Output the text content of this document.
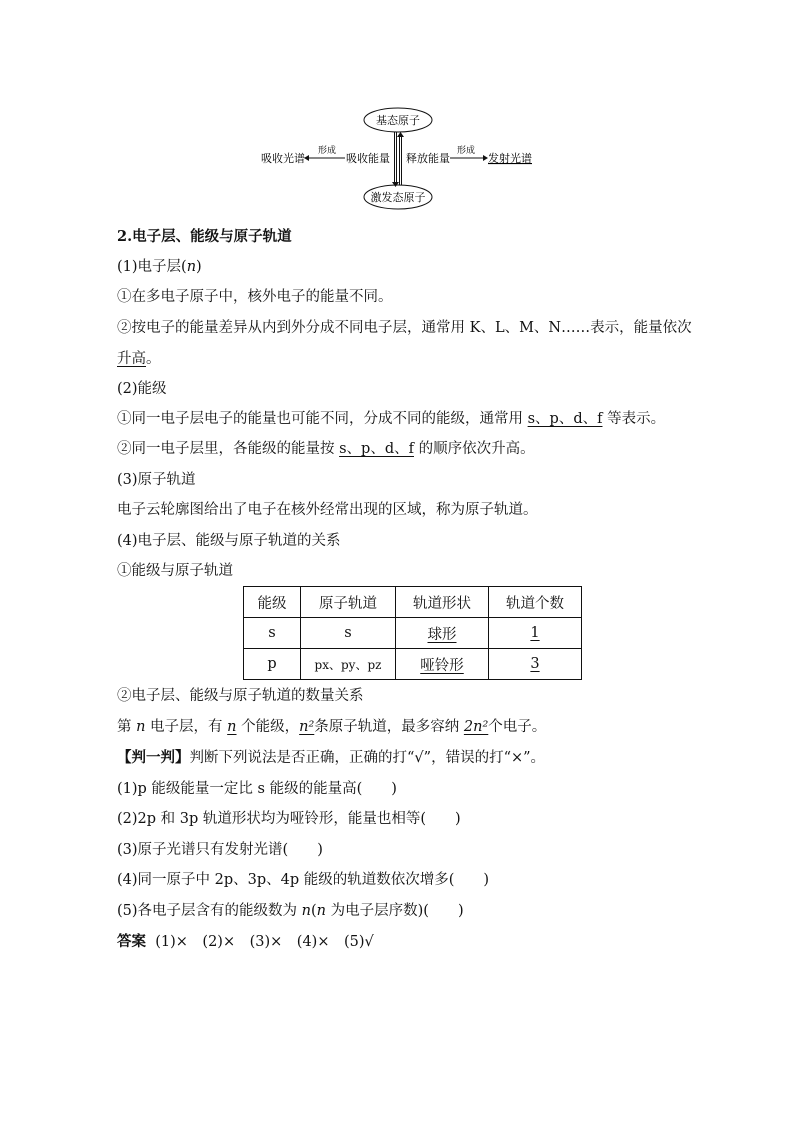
基态原子
激发态原子
吸收能量 释放能量
形成
吸收光谱
形成
发射光谱
2.电子层、能级与原子轨道
(1)电子层(n)
①在多电子原子中，核外电子的能量不同。
②按电子的能量差异从内到外分成不同电子层，通常用 K、L、M、N……表示，能量依次升高。
(2)能级
①同一电子层电子的能量也可能不同，分成不同的能级，通常用 s、p、d、f 等表示。
②同一电子层里，各能级的能量按 s、p、d、f 的顺序依次升高。
(3)原子轨道
电子云轮廓图给出了电子在核外经常出现的区域，称为原子轨道。
(4)电子层、能级与原子轨道的关系
①能级与原子轨道
能级	原子轨道	轨道形状	轨道个数
s	s	球形	1
p	px、py、pz	哑铃形	3
②电子层、能级与原子轨道的数量关系
第 n 电子层，有 n 个能级，n²条原子轨道，最多容纳 2n²个电子。
【判一判】判断下列说法是否正确，正确的打“√”，错误的打“×”。
(1)p 能级能量一定比 s 能级的能量高(　　)
(2)2p 和 3p 轨道形状均为哑铃形，能量也相等(　　)
(3)原子光谱只有发射光谱(　　)
(4)同一原子中 2p、3p、4p 能级的轨道数依次增多(　　)
(5)各电子层含有的能级数为 n(n 为电子层序数)(　　)
答案 (1)×　(2)×　(3)×　(4)×　(5)√
